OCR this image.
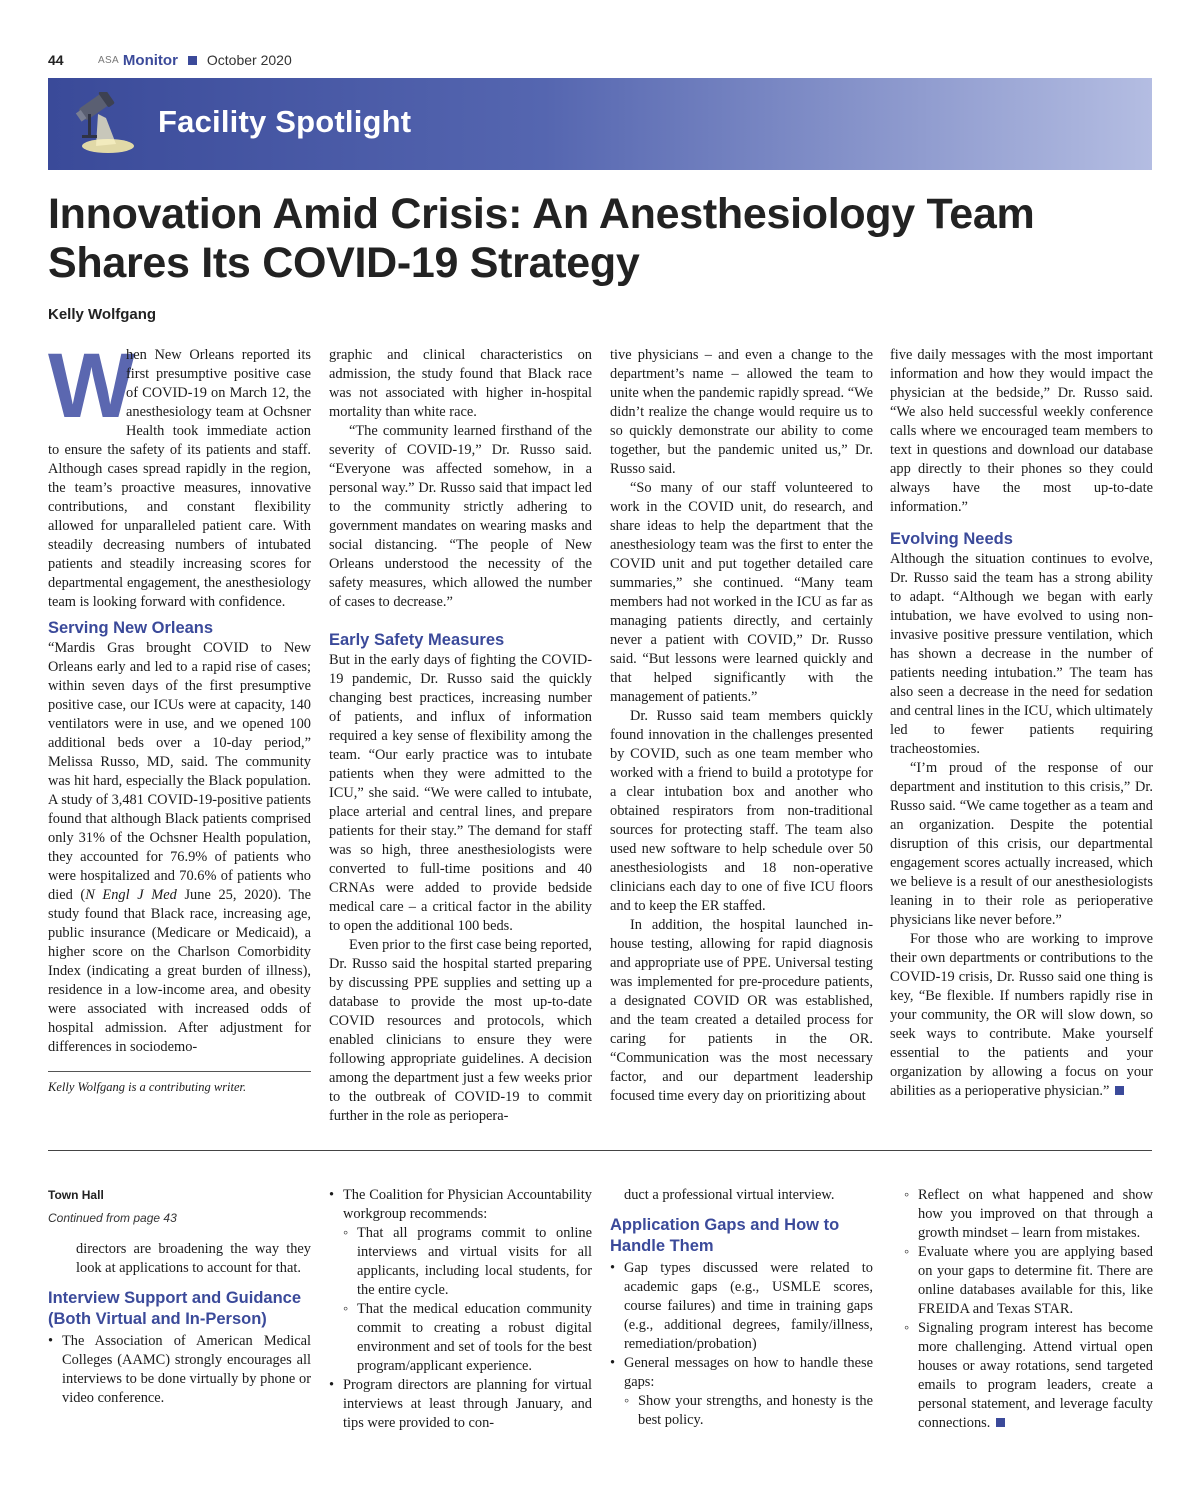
44	ASA Monitor October 2020
Facility Spotlight
Innovation Amid Crisis: An Anesthesiology Team Shares Its COVID-19 Strategy
Kelly Wolfgang
W

hen New Orleans reported its first presumptive positive case of COVID-19 on March 12, the anesthesiology team at Ochsner Health took immediate action to ensure the safety of its patients and staff. Although cases spread rapidly in the region, the team’s proactive measures, innovative contributions, and constant flexibility allowed for unparalleled patient care. With steadily decreasing numbers of intubated patients and steadily increasing scores for departmental engagement, the anesthesiology team is looking forward with confidence.

Serving New Orleans

“Mardis Gras brought COVID to New Orleans early and led to a rapid rise of cases; within seven days of the first presumptive positive case, our ICUs were at capacity, 140 ventilators were in use, and we opened 100 additional beds over a 10-day period,” Melissa Russo, MD, said. The community was hit hard, especially the Black population. A study of 3,481 COVID-19-positive patients found that although Black patients comprised only 31% of the Ochsner Health population, they accounted for 76.9% of patients who were hospitalized and 70.6% of patients who died (N Engl J Med June 25, 2020). The study found that Black race, increasing age, public insurance (Medicare or Medicaid), a higher score on the Charlson Comorbidity Index (indicating a great burden of illness), residence in a low-income area, and obesity were associated with increased odds of hospital admission. After adjustment for differences in sociodemo-

Kelly Wolfgang is a contributing writer.

graphic and clinical characteristics on admission, the study found that Black race was not associated with higher in-hospital mortality than white race.

“The community learned firsthand of the severity of COVID-19,” Dr. Russo said. “Everyone was affected somehow, in a personal way.” Dr. Russo said that impact led to the community strictly adhering to government mandates on wearing masks and social distancing. “The people of New Orleans understood the necessity of the safety measures, which allowed the number of cases to decrease.”

Early Safety Measures

But in the early days of fighting the COVID-19 pandemic, Dr. Russo said the quickly changing best practices, increasing number of patients, and influx of information required a key sense of flexibility among the team. “Our early practice was to intubate patients when they were admitted to the ICU,” she said. “We were called to intubate, place arterial and central lines, and prepare patients for their stay.” The demand for staff was so high, three anesthesiologists were converted to full-time positions and 40 CRNAs were added to provide bedside medical care – a critical factor in the ability to open the additional 100 beds.

Even prior to the first case being reported, Dr. Russo said the hospital started preparing by discussing PPE supplies and setting up a database to provide the most up-to-date COVID resources and protocols, which enabled clinicians to ensure they were following appropriate guidelines. A decision among the department just a few weeks prior to the outbreak of COVID-19 to commit further in the role as periopera-

tive physicians – and even a change to the department’s name – allowed the team to unite when the pandemic rapidly spread. “We didn’t realize the change would require us to so quickly demonstrate our ability to come together, but the pandemic united us,” Dr. Russo said.

“So many of our staff volunteered to work in the COVID unit, do research, and share ideas to help the department that the anesthesiology team was the first to enter the COVID unit and put together detailed care summaries,” she continued. “Many team members had not worked in the ICU as far as managing patients directly, and certainly never a patient with COVID,” Dr. Russo said. “But lessons were learned quickly and that helped significantly with the management of patients.”

Dr. Russo said team members quickly found innovation in the challenges presented by COVID, such as one team member who worked with a friend to build a prototype for a clear intubation box and another who obtained respirators from non-traditional sources for protecting staff. The team also used new software to help schedule over 50 anesthesiologists and 18 non-operative clinicians each day to one of five ICU floors and to keep the ER staffed.

In addition, the hospital launched in-house testing, allowing for rapid diagnosis and appropriate use of PPE. Universal testing was implemented for pre-procedure patients, a designated COVID OR was established, and the team created a detailed process for caring for patients in the OR. “Communication was the most necessary factor, and our department leadership focused time every day on prioritizing about

five daily messages with the most important information and how they would impact the physician at the bedside,” Dr. Russo said. “We also held successful weekly conference calls where we encouraged team members to text in questions and download our database app directly to their phones so they could always have the most up-to-date information.”

Evolving Needs

Although the situation continues to evolve, Dr. Russo said the team has a strong ability to adapt. “Although we began with early intubation, we have evolved to using non-invasive positive pressure ventilation, which has shown a decrease in the number of patients needing intubation.” The team has also seen a decrease in the need for sedation and central lines in the ICU, which ultimately led to fewer patients requiring tracheostomies.

“I’m proud of the response of our department and institution to this crisis,” Dr. Russo said. “We came together as a team and an organization. Despite the potential disruption of this crisis, our departmental engagement scores actually increased, which we believe is a result of our anesthesiologists leaning in to their role as perioperative physicians like never before.”

For those who are working to improve their own departments or contributions to the COVID-19 crisis, Dr. Russo said one thing is key, “Be flexible. If numbers rapidly rise in your community, the OR will slow down, so seek ways to contribute. Make yourself essential to the patients and your organization by allowing a focus on your abilities as a perioperative physician.”

Town Hall
Continued from page 43

directors are broadening the way they look at applications to account for that.

Interview Support and Guidance (Both Virtual and In-Person)
• The Association of American Medical Colleges (AAMC) strongly encourages all interviews to be done virtually by phone or video conference.
• The Coalition for Physician Accountability workgroup recommends:
◦ That all programs commit to online interviews and virtual visits for all applicants, including local students, for the entire cycle.
◦ That the medical education community commit to creating a robust digital environment and set of tools for the best program/applicant experience.
• Program directors are planning for virtual interviews at least through January, and tips were provided to con-

duct a professional virtual interview.

Application Gaps and How to Handle Them
• Gap types discussed were related to academic gaps (e.g., USMLE scores, course failures) and time in training gaps (e.g., additional degrees, family/illness, remediation/probation)
• General messages on how to handle these gaps:
◦ Show your strengths, and honesty is the best policy.
◦ Reflect on what happened and show how you improved on that through a growth mindset – learn from mistakes.
◦ Evaluate where you are applying based on your gaps to determine fit. There are online databases available for this, like FREIDA and Texas STAR.
◦ Signaling program interest has become more challenging. Attend virtual open houses or away rotations, send targeted emails to program leaders, create a personal statement, and leverage faculty connections.
